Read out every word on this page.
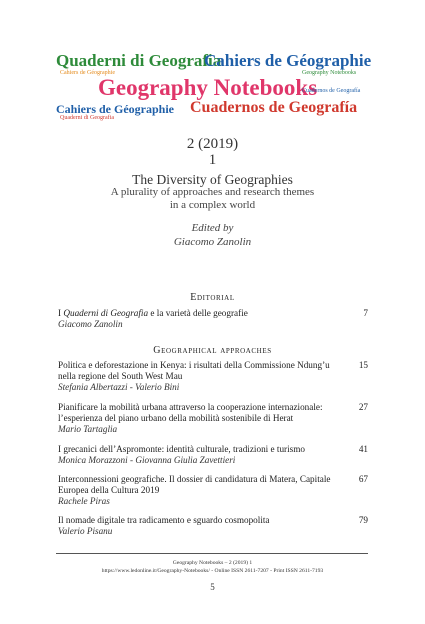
Quaderni di Geografia
Cahiers de Géographie
Geography Notebooks
Cahiers de Géographie Cuadernos de Geografía
Cahiers de Géographie	Geography Notebooks
Cuadernos de Geografía
Quaderni di Geografia
2 (2019)
1
The Diversity of Geographies
A plurality of approaches and research themes
in a complex world
Edited by
Giacomo Zanolin
Editorial
I Quaderni di Geografia e la varietà delle geografie
Giacomo Zanolin
7
Geographical approaches
Politica e deforestazione in Kenya: i risultati della Commissione Ndung’u nella regione del South West Mau
Stefania Albertazzi - Valerio Bini
15
Pianificare la mobilità urbana attraverso la cooperazione internazionale: l’esperienza del piano urbano della mobilità sostenibile di Herat
Mario Tartaglia
27
I grecanici dell’Aspromonte: identità culturale, tradizioni e turismo
Monica Morazzoni - Giovanna Giulia Zavettieri
41
Interconnessioni geografiche. Il dossier di candidatura di Matera, Capitale Europea della Cultura 2019
Rachele Piras
67
Il nomade digitale tra radicamento e sguardo cosmopolita
Valerio Pisanu
79
Geography Notebooks – 2 (2019) 1
https://www.ledonline.it/Geography-Notebooks/ - Online ISSN 2611-7207 - Print ISSN 2611-7193
5
